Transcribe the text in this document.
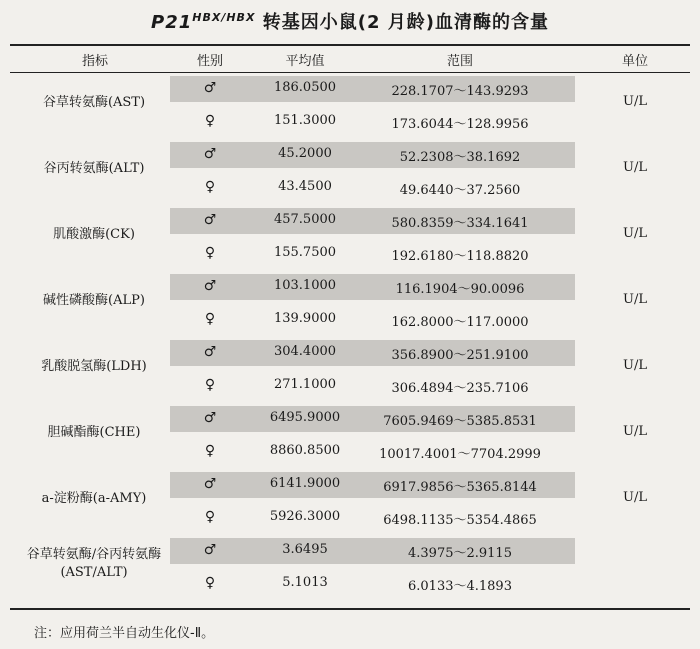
$P21^{HBX/HBX}$ 转基因小鼠(2 月龄)血清酶的含量
指标	性别	平均值	范围	单位
谷草转氨酶(AST)
♂	186.0500	228.1707～143.9293
♀	151.3000	173.6044～128.9956
U/L
谷丙转氨酶(ALT)
♂	45.2000	52.2308～38.1692
♀	43.4500	49.6440～37.2560
U/L
肌酸激酶(CK)
♂	457.5000	580.8359～334.1641
♀	155.7500	192.6180～118.8820
U/L
碱性磷酸酶(ALP)
♂	103.1000	116.1904～90.0096
♀	139.9000	162.8000～117.0000
U/L
乳酸脱氢酶(LDH)
♂	304.4000	356.8900～251.9100
♀	271.1000	306.4894～235.7106
U/L
胆碱酯酶(CHE)
♂	6495.9000	7605.9469～5385.8531
♀	8860.8500	10017.4001～7704.2999
U/L
a-淀粉酶(a-AMY)
♂	6141.9000	6917.9856～5365.8144
♀	5926.3000	6498.1135～5354.4865
U/L
谷草转氨酶/谷丙转氨酶
(AST/ALT)
♂	3.6495	4.3975～2.9115
♀	5.1013	6.0133～4.1893
注：应用荷兰半自动生化仪-Ⅱ。
